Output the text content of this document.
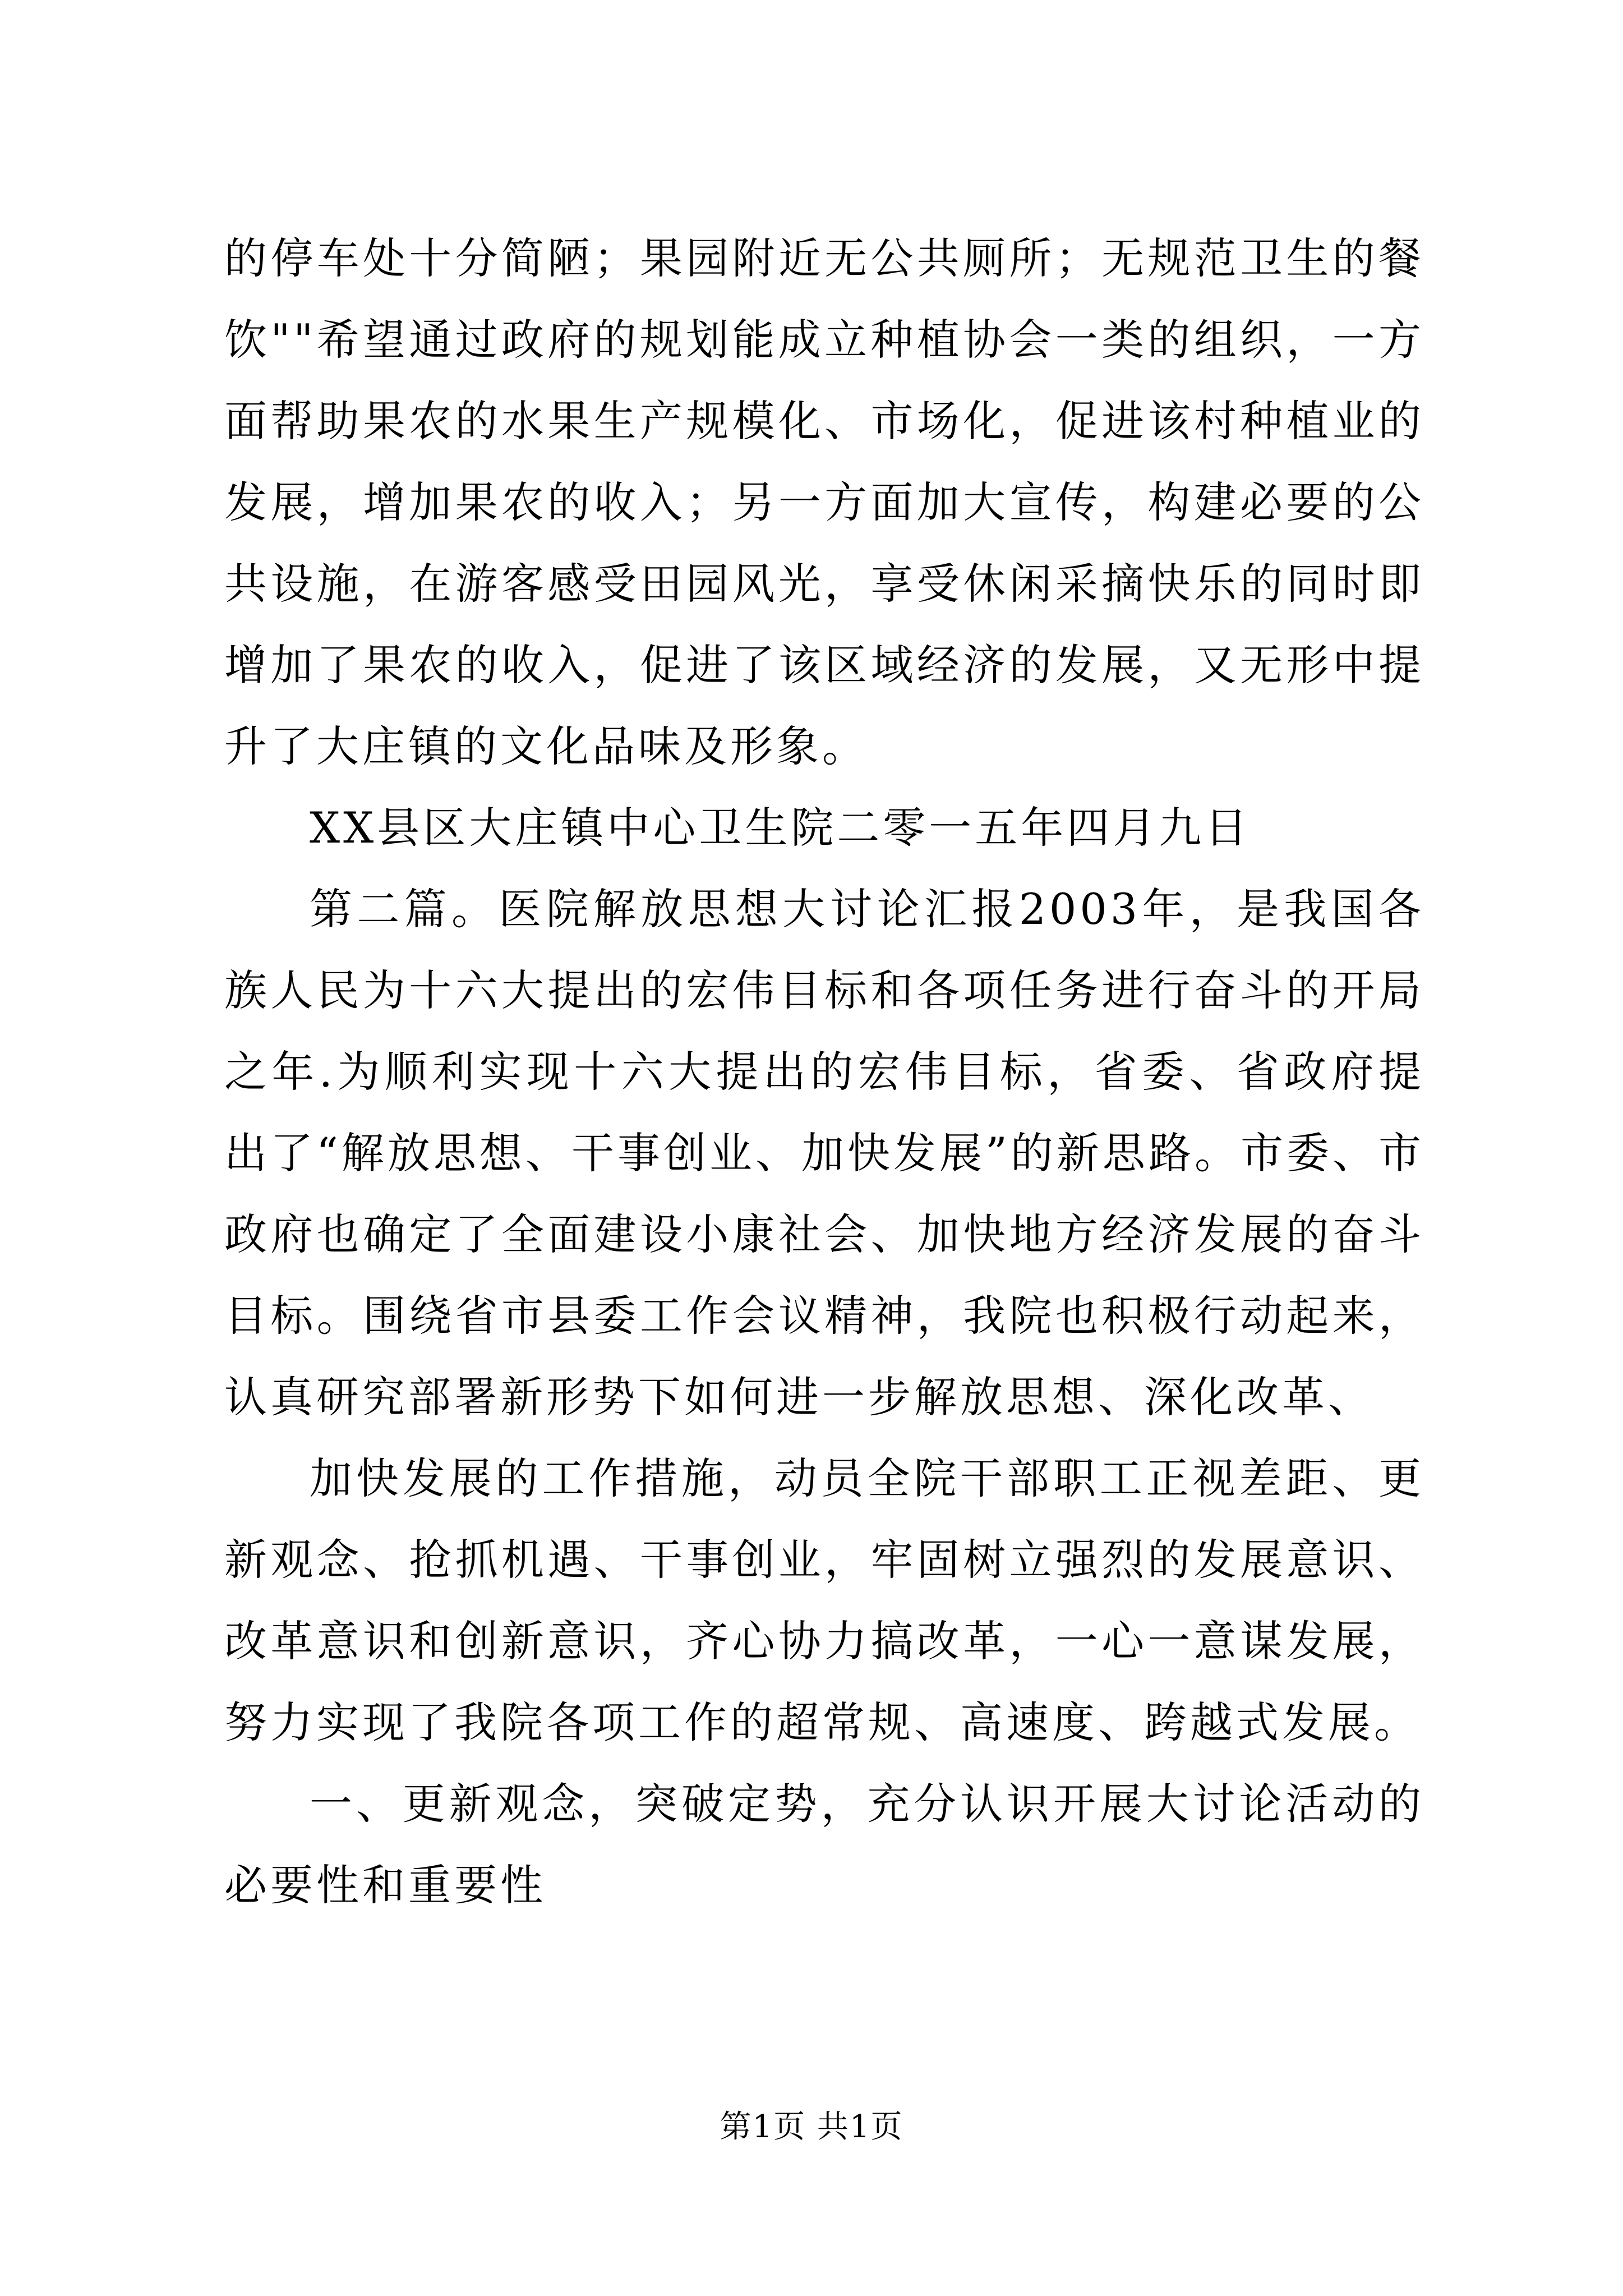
的停车处十分简陋；果园附近无公共厕所；无规范卫生的餐饮""希望通过政府的规划能成立种植协会一类的组织，一方面帮助果农的水果生产规模化、市场化，促进该村种植业的发展，增加果农的收入；另一方面加大宣传，构建必要的公共设施，在游客感受田园风光，享受休闲采摘快乐的同时即增加了果农的收入，促进了该区域经济的发展，又无形中提升了大庄镇的文化品味及形象。

XX县区大庄镇中心卫生院二零一五年四月九日

第二篇。医院解放思想大讨论汇报2003年，是我国各族人民为十六大提出的宏伟目标和各项任务进行奋斗的开局之年.为顺利实现十六大提出的宏伟目标，省委、省政府提出了“解放思想、干事创业、加快发展”的新思路。市委、市政府也确定了全面建设小康社会、加快地方经济发展的奋斗目标。围绕省市县委工作会议精神，我院也积极行动起来，认真研究部署新形势下如何进一步解放思想、深化改革、

加快发展的工作措施，动员全院干部职工正视差距、更新观念、抢抓机遇、干事创业，牢固树立强烈的发展意识、改革意识和创新意识，齐心协力搞改革，一心一意谋发展，努力实现了我院各项工作的超常规、高速度、跨越式发展。

一、更新观念，突破定势，充分认识开展大讨论活动的必要性和重要性

第1页 共1页
